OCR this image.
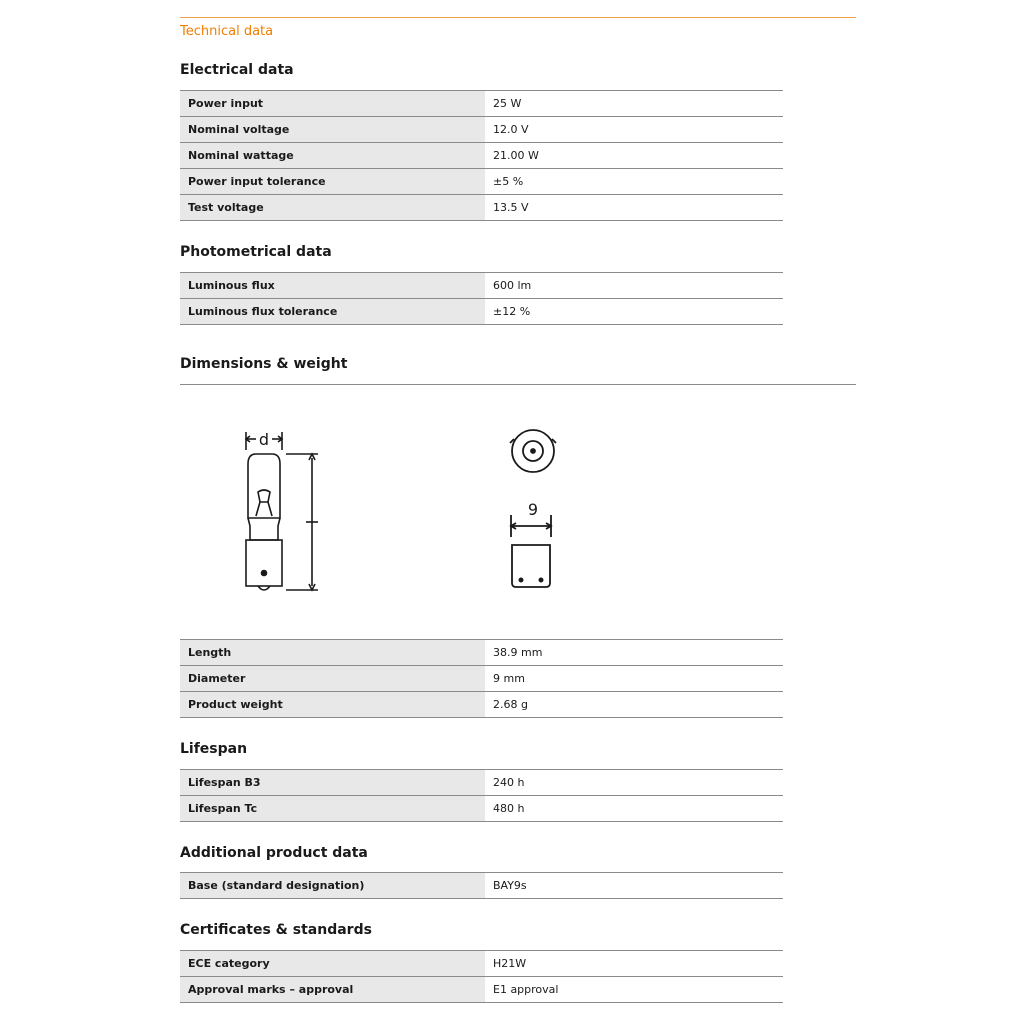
Technical data
Electrical data
Power input	25 W
Nominal voltage	12.0 V
Nominal wattage	21.00 W
Power input tolerance	±5 %
Test voltage	13.5 V
Photometrical data
Luminous flux	600 lm
Luminous flux tolerance	±12 %
Dimensions & weight
d
9
Length	38.9 mm
Diameter	9 mm
Product weight	2.68 g
Lifespan
Lifespan B3	240 h
Lifespan Tc	480 h
Additional product data
Base (standard designation)	BAY9s
Certificates & standards
ECE category	H21W
Approval marks – approval	E1 approval
